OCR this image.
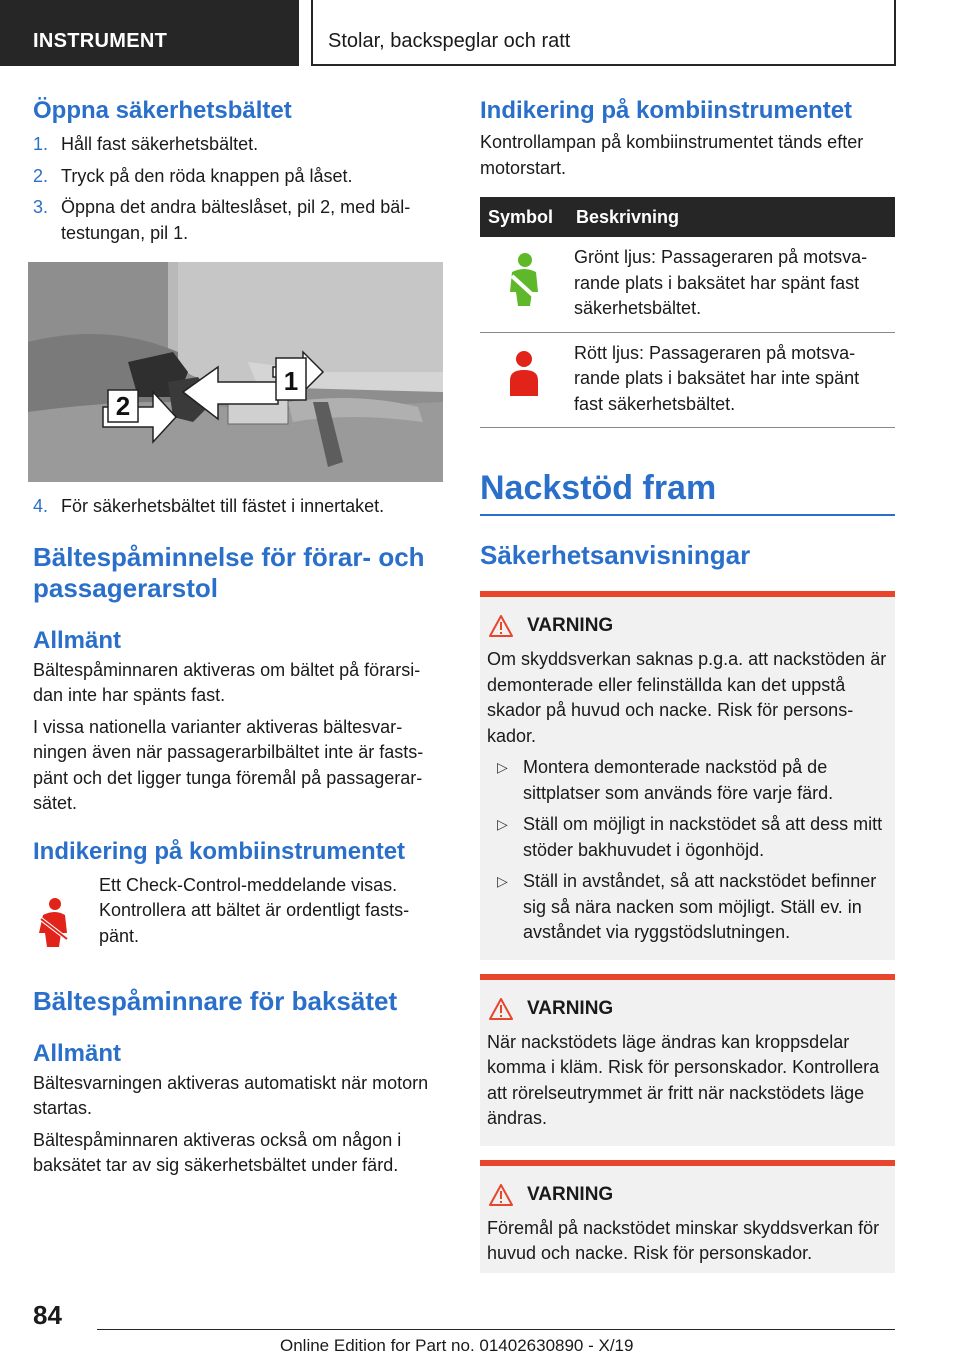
INSTRUMENT	Stolar, backspeglar och ratt
Öppna säkerhetsbältet
1. Håll fast säkerhetsbältet.
2. Tryck på den röda knappen på låset.
3. Öppna det andra bälteslåset, pil 2, med bältestungan, pil 1.
1
2
4. För säkerhetsbältet till fästet i innertaket.
Bältespåminnelse för förar- och passagerarstol
Allmänt

Bältespåminnaren aktiveras om bältet på förarsidan inte har spänts fast.

I vissa nationella varianter aktiveras bältesvarningen även när passagerarbilbältet inte är fastspänt och det ligger tunga föremål på passagerarsätet.

Indikering på kombiinstrumentet

Ett Check-Control-meddelande visas. Kontrollera att bältet är ordentligt fastspänt.

Bältespåminnare för baksätet
Allmänt

Bältesvarningen aktiveras automatiskt när motorn startas.

Bältespåminnaren aktiveras också om någon i baksätet tar av sig säkerhetsbältet under färd.

Indikering på kombiinstrumentet

Kontrollampan på kombiinstrumentet tänds efter motorstart.

Symbol	Beskrivning
	Grönt ljus: Passageraren på motsvarande plats i baksätet har spänt fast säkerhetsbältet.
	Rött ljus: Passageraren på motsvarande plats i baksätet har inte spänt fast säkerhetsbältet.
Nackstöd fram
Säkerhetsanvisningar
VARNING

Om skyddsverkan saknas p.g.a. att nackstöden är demonterade eller felinställda kan det uppstå skador på huvud och nacke. Risk för personskador.

▷ Montera demonterade nackstöd på de sittplatser som används före varje färd.
▷ Ställ om möjligt in nackstödet så att dess mitt stöder bakhuvudet i ögonhöjd.
▷ Ställ in avståndet, så att nackstödet befinner sig så nära nacken som möjligt. Ställ ev. in avståndet via ryggstödslutningen.
VARNING

När nackstödets läge ändras kan kroppsdelar komma i kläm. Risk för personskador. Kontrollera att rörelseutrymmet är fritt när nackstödets läge ändras.

VARNING

Föremål på nackstödet minskar skyddsverkan för huvud och nacke. Risk för personskador.

84
Online Edition for Part no. 01402630890 - X/19
